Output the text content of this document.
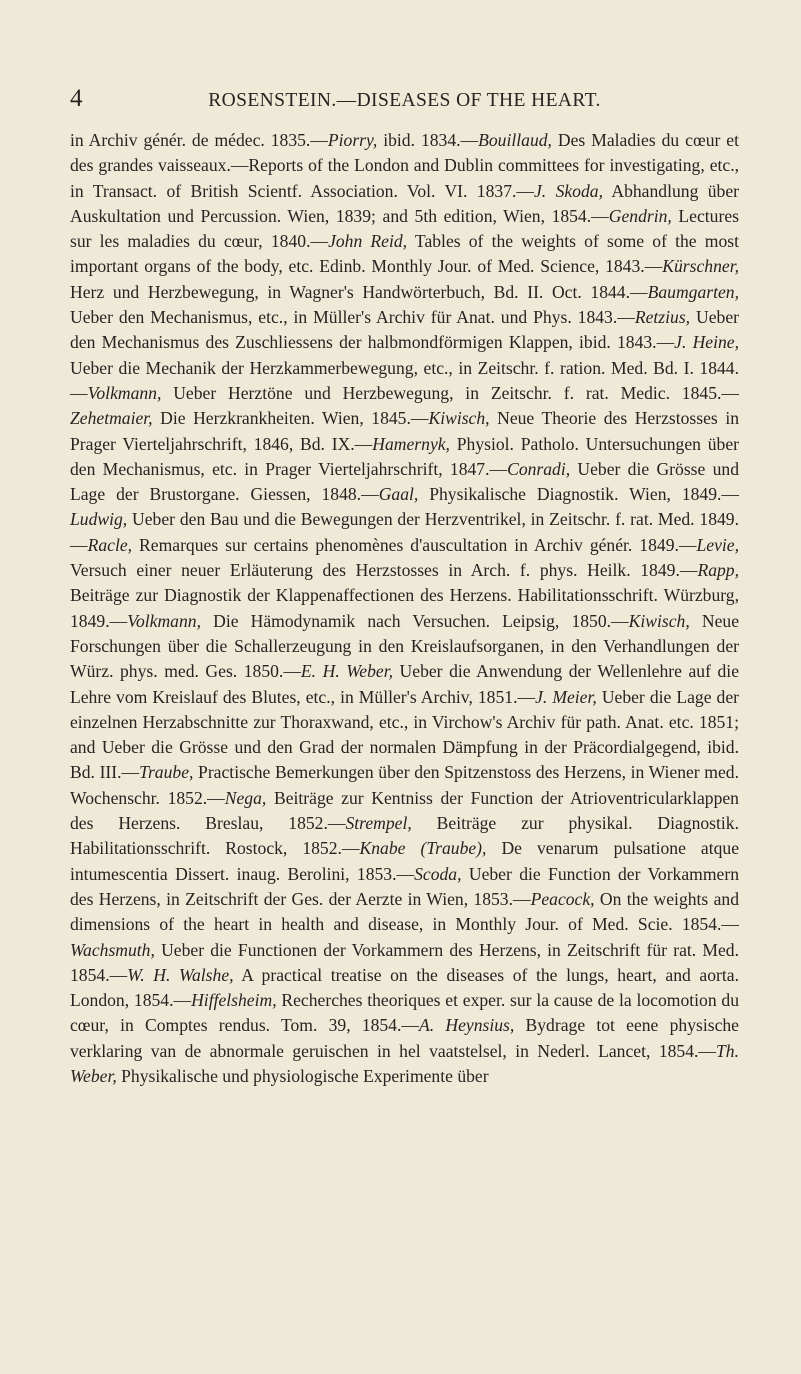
4	ROSENSTEIN.—DISEASES OF THE HEART.
in Archiv génér. de médec. 1835.—Piorry, ibid. 1834.—Bouillaud, Des Maladies du cœur et des grandes vaisseaux.—Reports of the London and Dublin committees for investigating, etc., in Transact. of British Scientf. Association. Vol. VI. 1837.—J. Skoda, Abhandlung über Auskultation und Percussion. Wien, 1839; and 5th edition, Wien, 1854.—Gendrin, Lectures sur les maladies du cœur, 1840.—John Reid, Tables of the weights of some of the most important organs of the body, etc. Edinb. Monthly Jour. of Med. Science, 1843.—Kürschner, Herz und Herzbewegung, in Wagner's Handwörterbuch, Bd. II. Oct. 1844.—Baumgarten, Ueber den Mechanismus, etc., in Müller's Archiv für Anat. und Phys. 1843.—Retzius, Ueber den Mechanismus des Zuschliessens der halbmondförmigen Klappen, ibid. 1843.—J. Heine, Ueber die Mechanik der Herzkammerbewegung, etc., in Zeitschr. f. ration. Med. Bd. I. 1844.—Volkmann, Ueber Herztöne und Herzbewegung, in Zeitschr. f. rat. Medic. 1845.—Zehetmaier, Die Herzkrankheiten. Wien, 1845.—Kiwisch, Neue Theorie des Herzstosses in Prager Vierteljahrschrift, 1846, Bd. IX.—Hamernyk, Physiol. Patholo. Untersuchungen über den Mechanismus, etc. in Prager Vierteljahrschrift, 1847.—Conradi, Ueber die Grösse und Lage der Brustorgane. Giessen, 1848.—Gaal, Physikalische Diagnostik. Wien, 1849.—Ludwig, Ueber den Bau und die Bewegungen der Herzventrikel, in Zeitschr. f. rat. Med. 1849.—Racle, Remarques sur certains phenomènes d'auscultation in Archiv génér. 1849.—Levie, Versuch einer neuer Erläuterung des Herzstosses in Arch. f. phys. Heilk. 1849.—Rapp, Beiträge zur Diagnostik der Klappenaffectionen des Herzens. Habilitationsschrift. Würzburg, 1849.—Volkmann, Die Hämodynamik nach Versuchen. Leipsig, 1850.—Kiwisch, Neue Forschungen über die Schallerzeugung in den Kreislaufsorganen, in den Verhandlungen der Würz. phys. med. Ges. 1850.—E. H. Weber, Ueber die Anwendung der Wellenlehre auf die Lehre vom Kreislauf des Blutes, etc., in Müller's Archiv, 1851.—J. Meier, Ueber die Lage der einzelnen Herzabschnitte zur Thoraxwand, etc., in Virchow's Archiv für path. Anat. etc. 1851; and Ueber die Grösse und den Grad der normalen Dämpfung in der Präcordialgegend, ibid. Bd. III.—Traube, Practische Bemerkungen über den Spitzenstoss des Herzens, in Wiener med. Wochenschr. 1852.—Nega, Beiträge zur Kentniss der Function der Atrioventricularklappen des Herzens. Breslau, 1852.—Strempel, Beiträge zur physikal. Diagnostik. Habilitationsschrift. Rostock, 1852.—Knabe (Traube), De venarum pulsatione atque intumescentia Dissert. inaug. Berolini, 1853.—Scoda, Ueber die Function der Vorkammern des Herzens, in Zeitschrift der Ges. der Aerzte in Wien, 1853.—Peacock, On the weights and dimensions of the heart in health and disease, in Monthly Jour. of Med. Scie. 1854.—Wachsmuth, Ueber die Functionen der Vorkammern des Herzens, in Zeitschrift für rat. Med. 1854.—W. H. Walshe, A practical treatise on the diseases of the lungs, heart, and aorta. London, 1854.—Hiffelsheim, Recherches theoriques et exper. sur la cause de la locomotion du cœur, in Comptes rendus. Tom. 39, 1854.—A. Heynsius, Bydrage tot eene physische verklaring van de abnormale geruischen in hel vaatstelsel, in Nederl. Lancet, 1854.—Th. Weber, Physikalische und physiologische Experimente über
